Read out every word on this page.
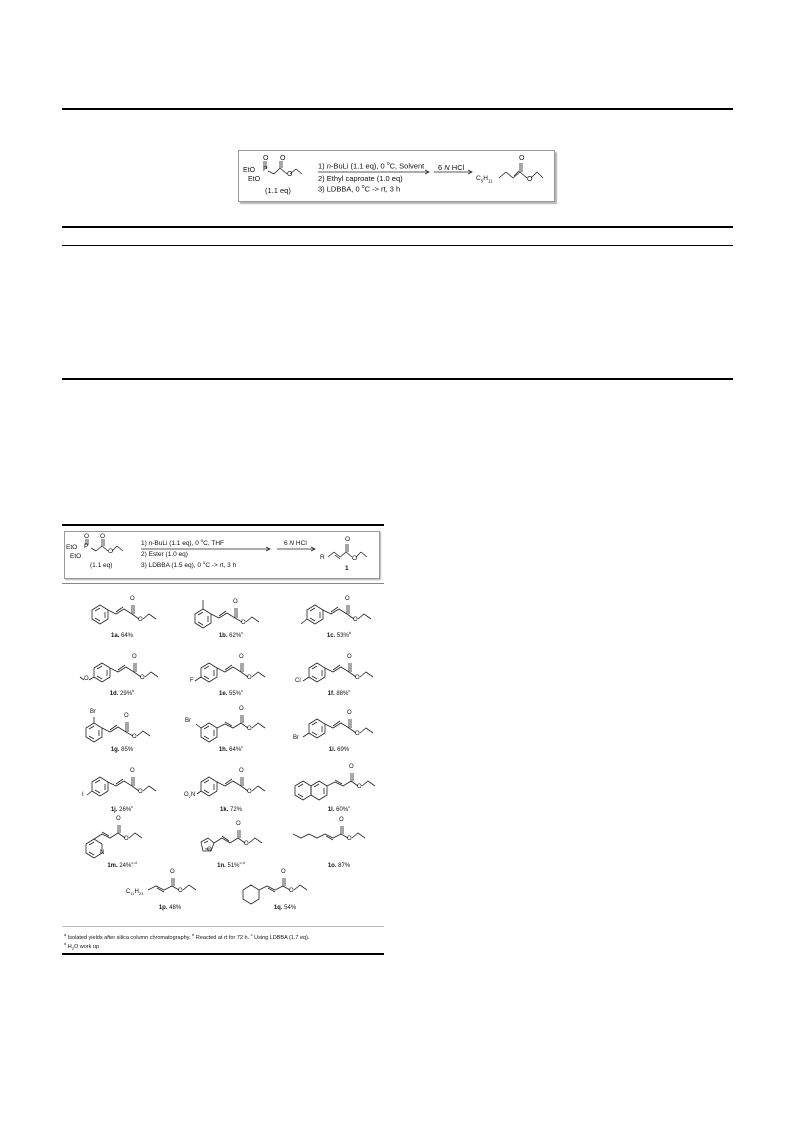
P
O O
O
EtO
EtO
(1.1 eq)
1) n-BuLi (1.1 eq), 0 $^o$C, Solvent
2) Ethyl caproate (1.0 eq)
3) LDBBA, 0 $^o$C -> rt, 3 h
6 N HCl
O
O
$C_5H_{11}$
P
O O
O
EtO
EtO
(1.1 eq)
1) n-BuLi (1.1 eq), 0 $^o$C, THF
2) Ester (1.0 eq)
3) LDBBA (1.5 eq), 0 $^o$C -> rt, 3 h
6 N HCl
R
O
O
1
O
O
1a. 64%
O
O
1b. 62%$^c$
O
O
1c. 53%$^b$
O
O
O
1d. 29%$^b$
F
O
O
1e. 55%$^c$
Cl
O
O
1f. 88%$^c$
Br
O
O
1g. 85%
Br
O
O
1h. 64%$^c$
Br
O
O
1i. 69%
I
O
O
1j. 26%$^c$
$O_2N$
O
O
1k. 72%
O
O
1l. 60%$^c$
N
O
O
1m. 24%$^{c,d}$
O
O
O
1n. 51%$^{c,d}$
O
O
1o. 87%
$C_{11}H_{23}$
O
O
1p. 48%
O
O
1q. 54%
$^a$ Isolated yields after silica column chromatography. $^b$ Reacted at rt for 72 h. $^c$ Using LDBBA (1.7 eq).
$^d$ $H_2O$ work up
